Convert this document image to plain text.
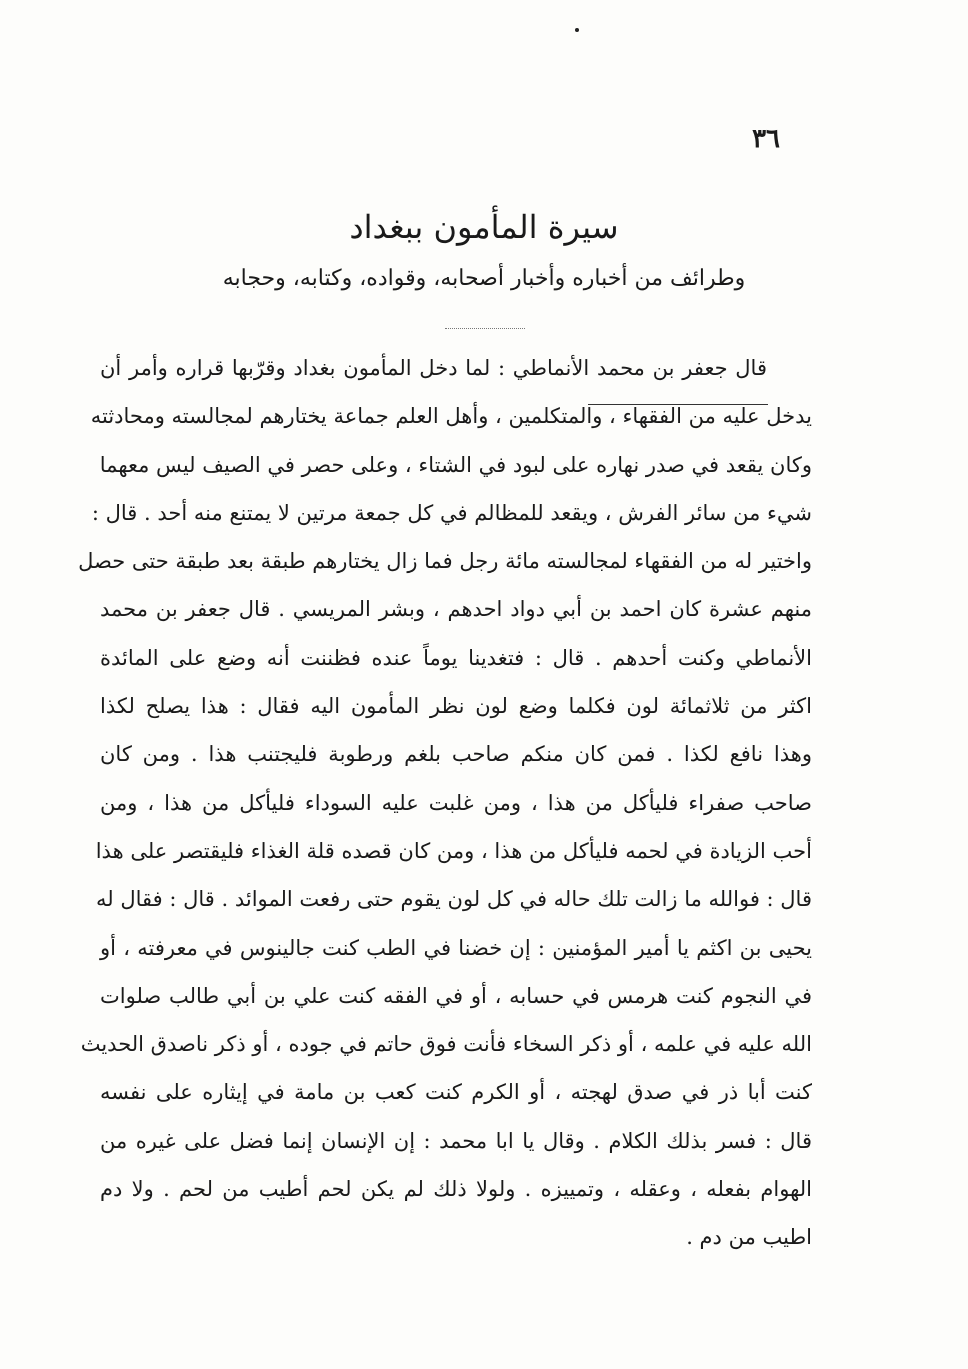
٣٦
سيرة المأمون ببغداد
وطرائف من أخباره وأخبار أصحابه، وقواده، وكتابه، وحجابه
قال جعفر بن محمد الأنماطي : لما دخل المأمون بغداد وقرّبها قراره وأمر أن
يدخل عليه من الفقهاء ، والمتكلمين ، وأهل العلم جماعة يختارهم لمجالسته ومحادثته
وكان يقعد في صدر نهاره على لبود في الشتاء ، وعلى حصر في الصيف ليس معهما
شيء من سائر الفرش ، ويقعد للمظالم في كل جمعة مرتين لا يمتنع منه أحد . قال :
واختير له من الفقهاء لمجالسته مائة رجل فما زال يختارهم طبقة بعد طبقة حتى حصل
منهم عشرة كان احمد بن أبي دواد احدهم ، وبشر المريسي . قال جعفر بن محمد
الأنماطي وكنت أحدهم . قال : فتغدينا يوماً عنده فظننت أنه وضع على المائدة
اكثر من ثلاثمائة لون فكلما وضع لون نظر المأمون اليه فقال : هذا يصلح لكذا
وهذا نافع لكذا . فمن كان منكم صاحب بلغم ورطوبة فليجتنب هذا . ومن كان
صاحب صفراء فليأكل من هذا ، ومن غلبت عليه السوداء فليأكل من هذا ، ومن
أحب الزيادة في لحمه فليأكل من هذا ، ومن كان قصده قلة الغذاء فليقتصر على هذا
قال : فوالله ما زالت تلك حاله في كل لون يقوم حتى رفعت الموائد . قال : فقال له
يحيى بن اكثم يا أمير المؤمنين : إن خضنا في الطب كنت جالينوس في معرفته ، أو
في النجوم كنت هرمس في حسابه ، أو في الفقه كنت علي بن أبي طالب صلوات
الله عليه في علمه ، أو ذكر السخاء فأنت فوق حاتم في جوده ، أو ذكر ناصدق الحديث
كنت أبا ذر في صدق لهجته ، أو الكرم كنت كعب بن مامة في إيثاره على نفسه
قال : فسر بذلك الكلام . وقال يا ابا محمد : إن الإنسان إنما فضل على غيره من
الهوام بفعله ، وعقله ، وتمييزه . ولولا ذلك لم يكن لحم أطيب من لحم . ولا دم
اطيب من دم .
